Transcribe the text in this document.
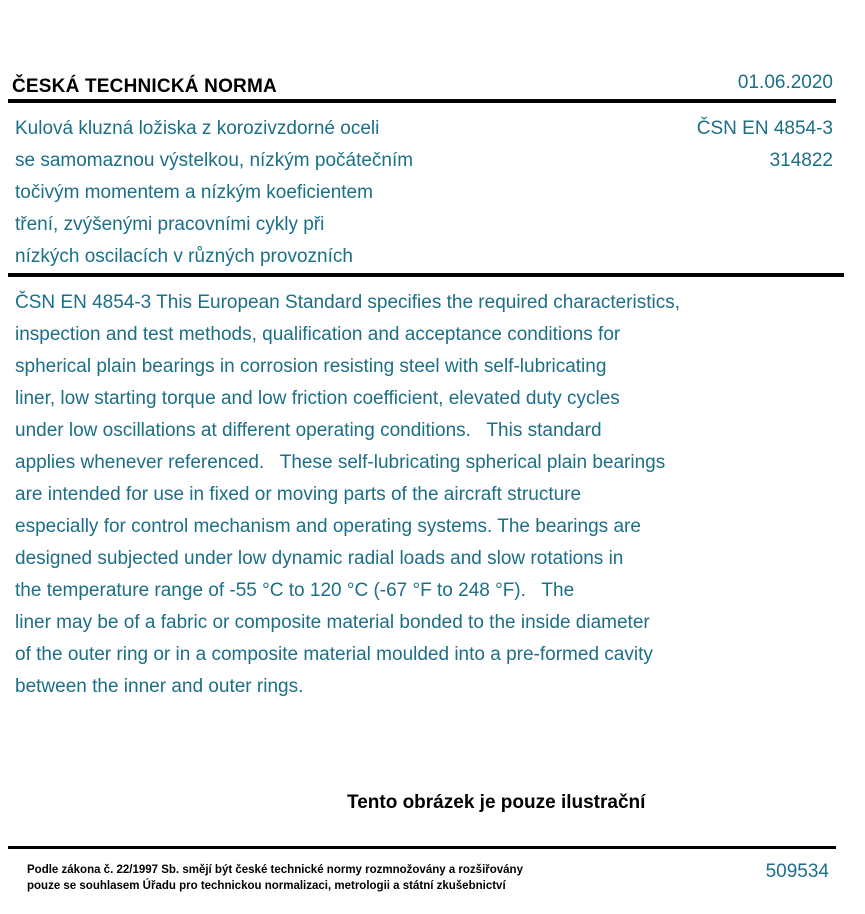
ČESKÁ TECHNICKÁ NORMA	01.06.2020
Kulová kluzná ložiska z korozivzdorné oceli
se samomaznou výstelkou, nízkým počátečním
točivým momentem a nízkým koeficientem
tření, zvýšenými pracovními cykly při
nízkých oscilacích v různých provozních
ČSN EN 4854-3
314822
ČSN EN 4854-3 This European Standard specifies the required characteristics,
inspection and test methods, qualification and acceptance conditions for
spherical plain bearings in corrosion resisting steel with self-lubricating
liner, low starting torque and low friction coefficient, elevated duty cycles
under low oscillations at different operating conditions.   This standard
applies whenever referenced.   These self-lubricating spherical plain bearings
are intended for use in fixed or moving parts of the aircraft structure
especially for control mechanism and operating systems. The bearings are
designed subjected under low dynamic radial loads and slow rotations in
the temperature range of -55 °C to 120 °C (-67 °F to 248 °F).   The
liner may be of a fabric or composite material bonded to the inside diameter
of the outer ring or in a composite material moulded into a pre-formed cavity
between the inner and outer rings.
Tento obrázek je pouze ilustrační
Podle zákona č. 22/1997 Sb. smějí být české technické normy rozmnožovány a rozšiřovány
pouze se souhlasem Úřadu pro technickou normalizaci, metrologii a státní zkušebnictví
509534
